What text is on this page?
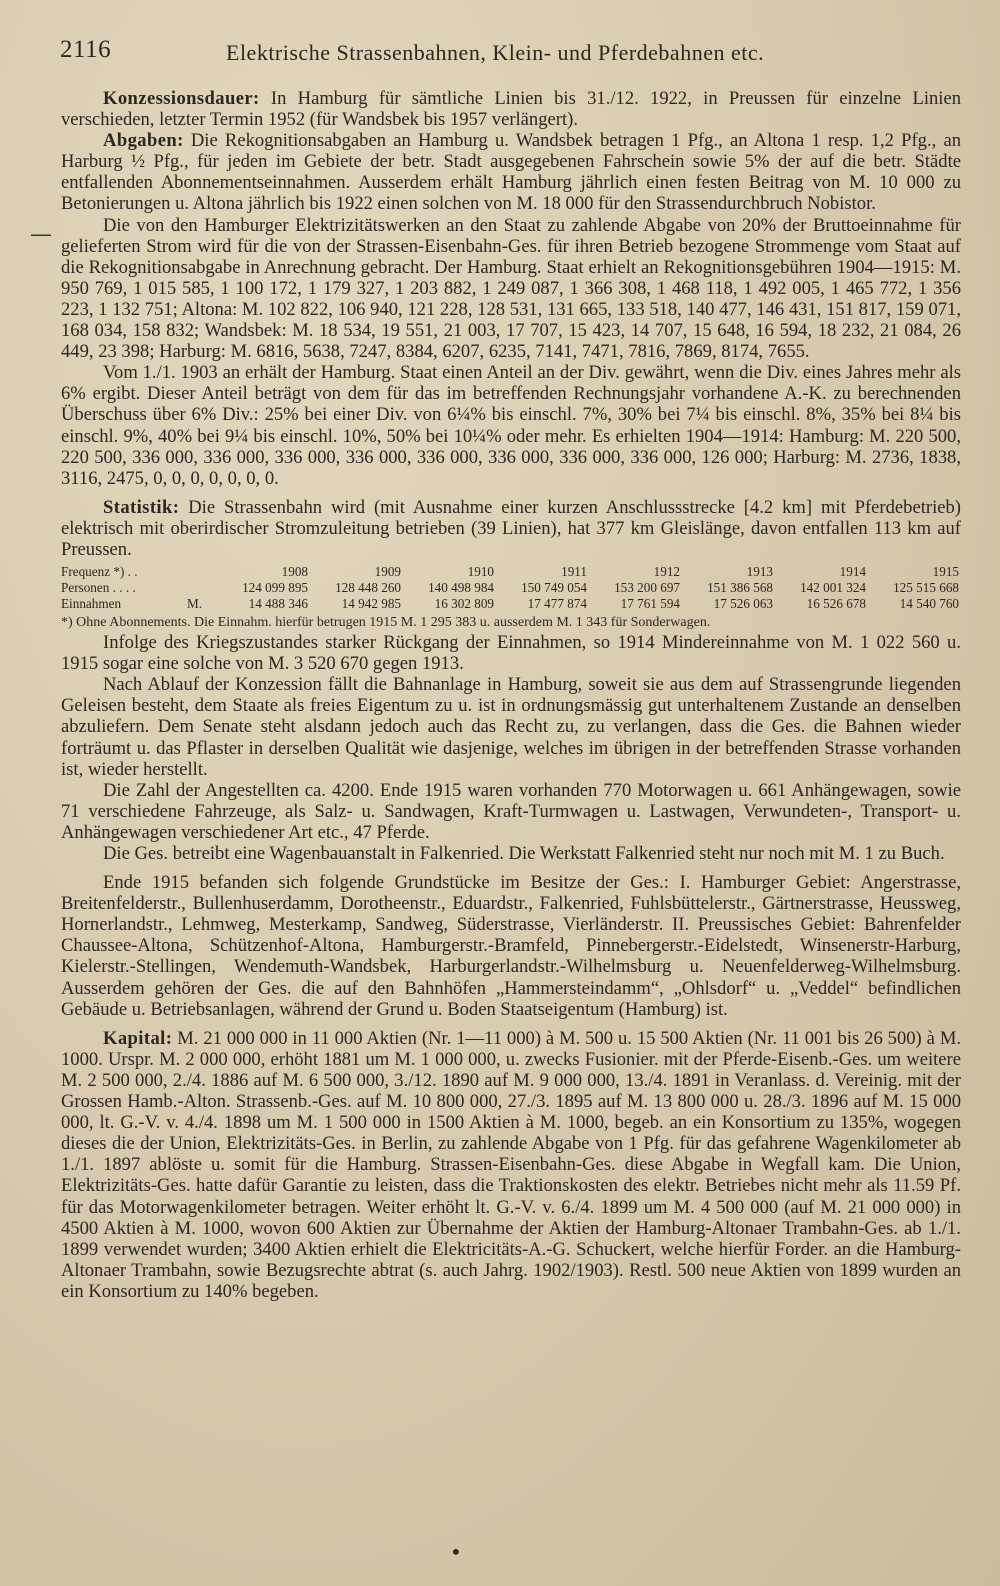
2116	Elektrische Strassenbahnen, Klein- und Pferdebahnen etc.
—

Konzessionsdauer: In Hamburg für sämtliche Linien bis 31./12. 1922, in Preussen für einzelne Linien verschieden, letzter Termin 1952 (für Wandsbek bis 1957 verlängert).

Abgaben: Die Rekognitionsabgaben an Hamburg u. Wandsbek betragen 1 Pfg., an Altona 1 resp. 1,2 Pfg., an Harburg ½ Pfg., für jeden im Gebiete der betr. Stadt ausgegebenen Fahrschein sowie 5% der auf die betr. Städte entfallenden Abonnementseinnahmen. Ausserdem erhält Hamburg jährlich einen festen Beitrag von M. 10 000 zu Betonierungen u. Altona jährlich bis 1922 einen solchen von M. 18 000 für den Strassendurchbruch Nobistor.

Die von den Hamburger Elektrizitätswerken an den Staat zu zahlende Abgabe von 20% der Bruttoeinnahme für gelieferten Strom wird für die von der Strassen-Eisenbahn-Ges. für ihren Betrieb bezogene Strommenge vom Staat auf die Rekognitionsabgabe in Anrechnung gebracht. Der Hamburg. Staat erhielt an Rekognitionsgebühren 1904—1915: M. 950 769, 1 015 585, 1 100 172, 1 179 327, 1 203 882, 1 249 087, 1 366 308, 1 468 118, 1 492 005, 1 465 772, 1 356 223, 1 132 751; Altona: M. 102 822, 106 940, 121 228, 128 531, 131 665, 133 518, 140 477, 146 431, 151 817, 159 071, 168 034, 158 832; Wandsbek: M. 18 534, 19 551, 21 003, 17 707, 15 423, 14 707, 15 648, 16 594, 18 232, 21 084, 26 449, 23 398; Harburg: M. 6816, 5638, 7247, 8384, 6207, 6235, 7141, 7471, 7816, 7869, 8174, 7655.

Vom 1./1. 1903 an erhält der Hamburg. Staat einen Anteil an der Div. gewährt, wenn die Div. eines Jahres mehr als 6% ergibt. Dieser Anteil beträgt von dem für das im betreffenden Rechnungsjahr vorhandene A.-K. zu berechnenden Überschuss über 6% Div.: 25% bei einer Div. von 6¼% bis einschl. 7%, 30% bei 7¼ bis einschl. 8%, 35% bei 8¼ bis einschl. 9%, 40% bei 9¼ bis einschl. 10%, 50% bei 10¼% oder mehr. Es erhielten 1904—1914: Hamburg: M. 220 500, 220 500, 336 000, 336 000, 336 000, 336 000, 336 000, 336 000, 336 000, 336 000, 126 000; Harburg: M. 2736, 1838, 3116, 2475, 0, 0, 0, 0, 0, 0, 0.

Statistik: Die Strassenbahn wird (mit Ausnahme einer kurzen Anschlussstrecke [4.2 km] mit Pferdebetrieb) elektrisch mit oberirdischer Stromzuleitung betrieben (39 Linien), hat 377 km Gleislänge, davon entfallen 113 km auf Preussen.

Frequenz *) . .	1908	1909	1910	1911	1912	1913	1914	1915
Personen . . . .	124 099 895	128 448 260	140 498 984	150 749 054	153 200 697	151 386 568	142 001 324	125 515 668
Einnahmen	M.	14 488 346	14 942 985	16 302 809	17 477 874	17 761 594	17 526 063	16 526 678	14 540 760
*) Ohne Abonnements. Die Einnahm. hierfür betrugen 1915 M. 1 295 383 u. ausserdem M. 1 343 für Sonderwagen.

Infolge des Kriegszustandes starker Rückgang der Einnahmen, so 1914 Mindereinnahme von M. 1 022 560 u. 1915 sogar eine solche von M. 3 520 670 gegen 1913.

Nach Ablauf der Konzession fällt die Bahnanlage in Hamburg, soweit sie aus dem auf Strassengrunde liegenden Geleisen besteht, dem Staate als freies Eigentum zu u. ist in ordnungsmässig gut unterhaltenem Zustande an denselben abzuliefern. Dem Senate steht alsdann jedoch auch das Recht zu, zu verlangen, dass die Ges. die Bahnen wieder forträumt u. das Pflaster in derselben Qualität wie dasjenige, welches im übrigen in der betreffenden Strasse vorhanden ist, wieder herstellt.

Die Zahl der Angestellten ca. 4200. Ende 1915 waren vorhanden 770 Motorwagen u. 661 Anhängewagen, sowie 71 verschiedene Fahrzeuge, als Salz- u. Sandwagen, Kraft-Turmwagen u. Lastwagen, Verwundeten-, Transport- u. Anhängewagen verschiedener Art etc., 47 Pferde.

Die Ges. betreibt eine Wagenbauanstalt in Falkenried. Die Werkstatt Falkenried steht nur noch mit M. 1 zu Buch.

Ende 1915 befanden sich folgende Grundstücke im Besitze der Ges.: I. Hamburger Gebiet: Angerstrasse, Breitenfelderstr., Bullenhuserdamm, Dorotheenstr., Eduardstr., Falkenried, Fuhlsbüttelerstr., Gärtnerstrasse, Heussweg, Hornerlandstr., Lehmweg, Mesterkamp, Sandweg, Süderstrasse, Vierländerstr. II. Preussisches Gebiet: Bahrenfelder Chaussee-Altona, Schützenhof-Altona, Hamburgerstr.-Bramfeld, Pinnebergerstr.-Eidelstedt, Winsenerstr-Harburg, Kielerstr.-Stellingen, Wendemuth-Wandsbek, Harburgerlandstr.-Wilhelmsburg u. Neuenfelderweg-Wilhelmsburg. Ausserdem gehören der Ges. die auf den Bahnhöfen „Hammersteindamm“, „Ohlsdorf“ u. „Veddel“ befindlichen Gebäude u. Betriebsanlagen, während der Grund u. Boden Staatseigentum (Hamburg) ist.

Kapital: M. 21 000 000 in 11 000 Aktien (Nr. 1—11 000) à M. 500 u. 15 500 Aktien (Nr. 11 001 bis 26 500) à M. 1000. Urspr. M. 2 000 000, erhöht 1881 um M. 1 000 000, u. zwecks Fusionier. mit der Pferde-Eisenb.-Ges. um weitere M. 2 500 000, 2./4. 1886 auf M. 6 500 000, 3./12. 1890 auf M. 9 000 000, 13./4. 1891 in Veranlass. d. Vereinig. mit der Grossen Hamb.-Alton. Strassenb.-Ges. auf M. 10 800 000, 27./3. 1895 auf M. 13 800 000 u. 28./3. 1896 auf M. 15 000 000, lt. G.-V. v. 4./4. 1898 um M. 1 500 000 in 1500 Aktien à M. 1000, begeb. an ein Konsortium zu 135%, wogegen dieses die der Union, Elektrizitäts-Ges. in Berlin, zu zahlende Abgabe von 1 Pfg. für das gefahrene Wagenkilometer ab 1./1. 1897 ablöste u. somit für die Hamburg. Strassen-Eisenbahn-Ges. diese Abgabe in Wegfall kam. Die Union, Elektrizitäts-Ges. hatte dafür Garantie zu leisten, dass die Traktionskosten des elektr. Betriebes nicht mehr als 11.59 Pf. für das Motorwagenkilometer betragen. Weiter erhöht lt. G.-V. v. 6./4. 1899 um M. 4 500 000 (auf M. 21 000 000) in 4500 Aktien à M. 1000, wovon 600 Aktien zur Übernahme der Aktien der Hamburg-Altonaer Trambahn-Ges. ab 1./1. 1899 verwendet wurden; 3400 Aktien erhielt die Elektricitäts-A.-G. Schuckert, welche hierfür Forder. an die Hamburg-Altonaer Trambahn, sowie Bezugsrechte abtrat (s. auch Jahrg. 1902/1903). Restl. 500 neue Aktien von 1899 wurden an ein Konsortium zu 140% begeben.

•
